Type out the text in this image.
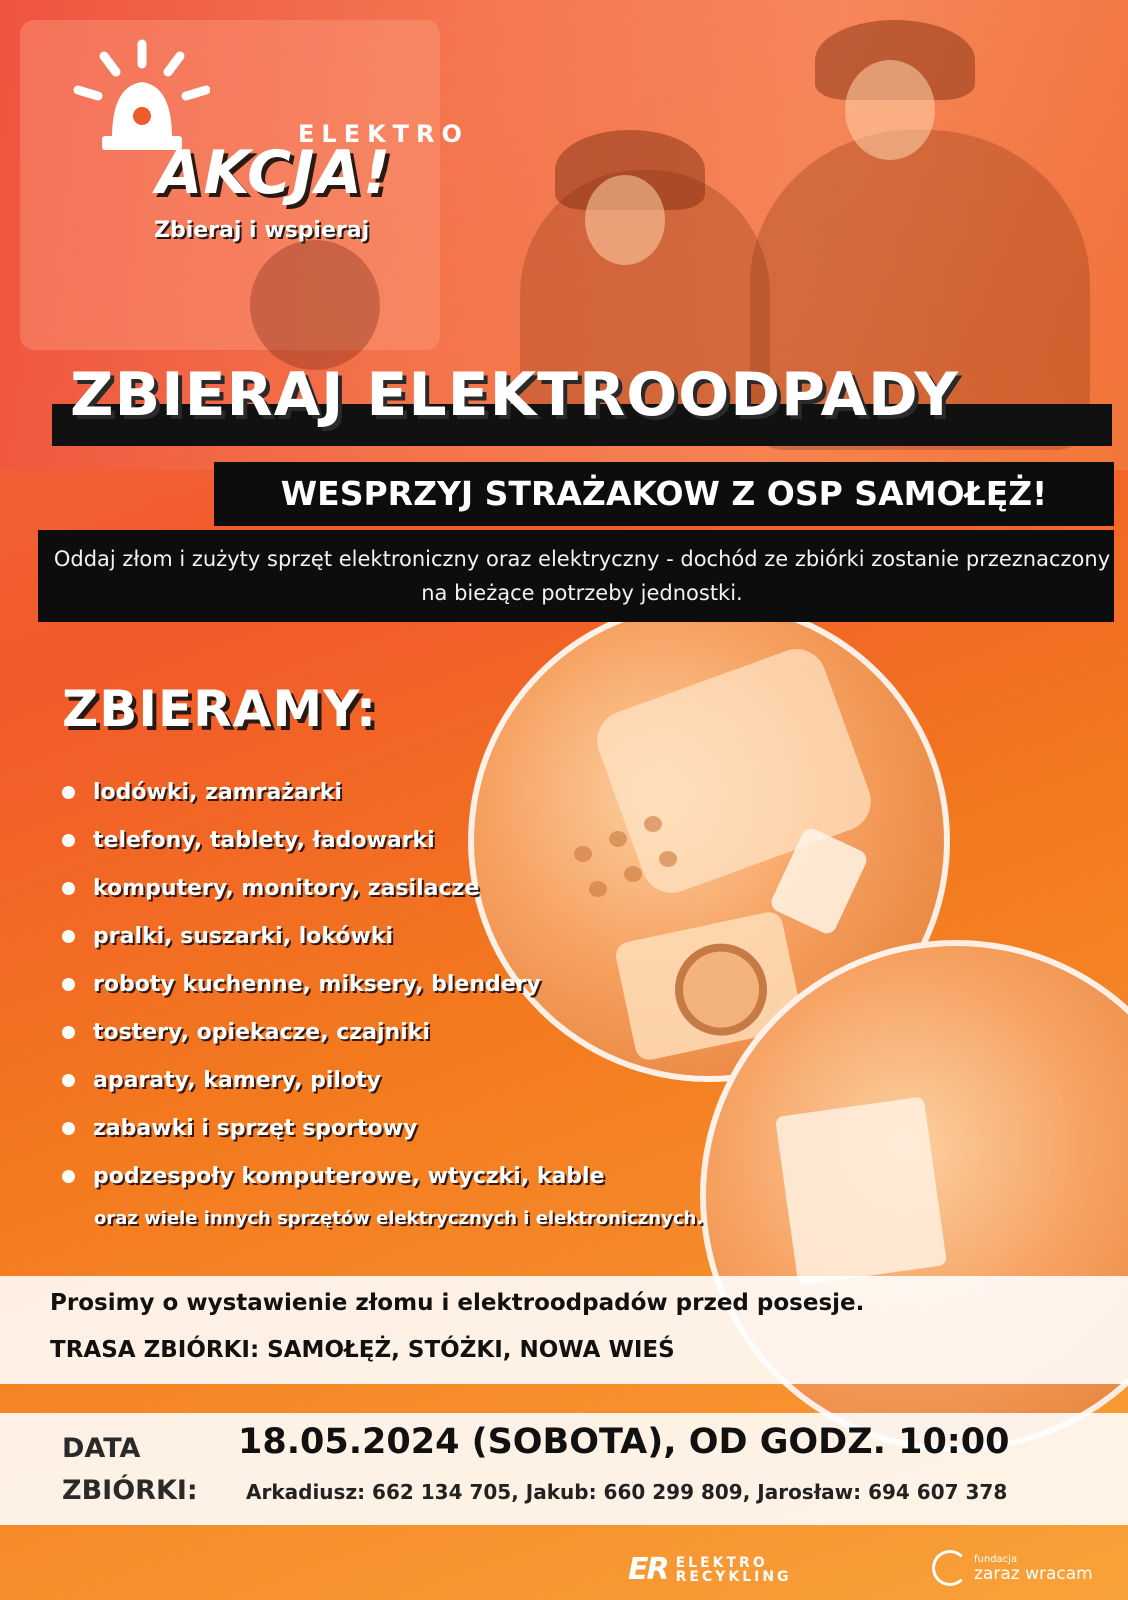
ELEKTRO
AKCJA!
Zbieraj i wspieraj
ZBIERAJ ELEKTROODPADY
WESPRZYJ STRAŻAKOW Z OSP SAMOŁĘŻ!
Oddaj złom i zużyty sprzęt elektroniczny oraz elektryczny - dochód ze zbiórki zostanie przeznaczony na bieżące potrzeby jednostki.
ZBIERAMY:
lodówki, zamrażarki
telefony, tablety, ładowarki
komputery, monitory, zasilacze
pralki, suszarki, lokówki
roboty kuchenne, miksery, blendery
tostery, opiekacze, czajniki
aparaty, kamery, piloty
zabawki i sprzęt sportowy
podzespoły komputerowe, wtyczki, kable
oraz wiele innych sprzętów elektrycznych i elektronicznych.
Prosimy o wystawienie złomu i elektroodpadów przed posesje.
TRASA ZBIÓRKI: SAMOŁĘŻ, STÓŻKI, NOWA WIEŚ
DATA
ZBIÓRKI:
18.05.2024 (SOBOTA), OD GODZ. 10:00
Arkadiusz: 662 134 705, Jakub: 660 299 809, Jarosław: 694 607 378
ER ELEKTRO
RECYKLING
fundacja
zaraz wracam
